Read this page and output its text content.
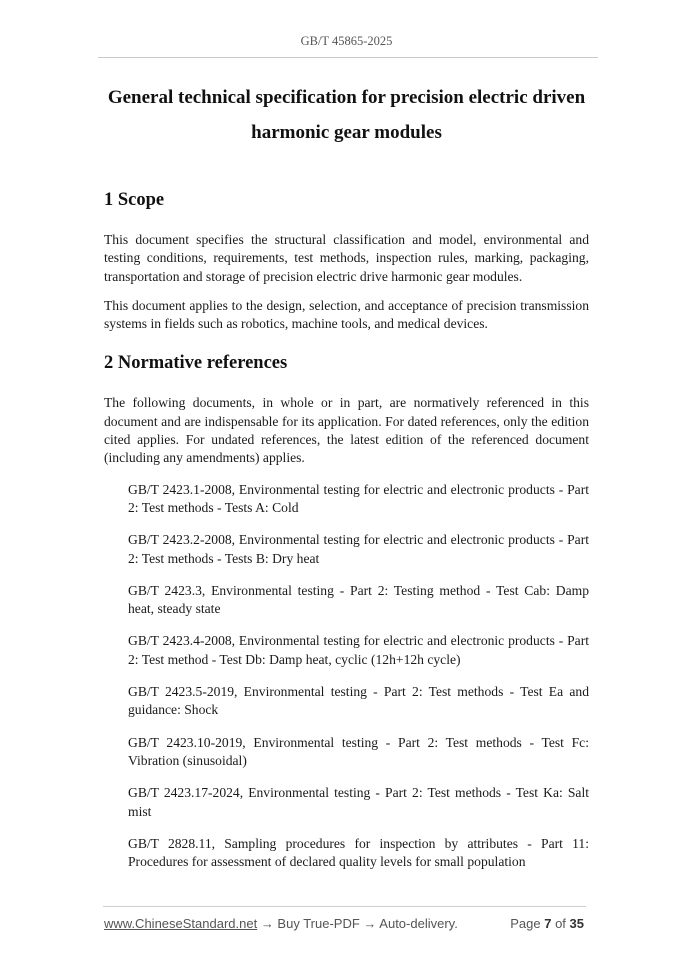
GB/T 45865-2025
General technical specification for precision electric driven
harmonic gear modules
1 Scope

This document specifies the structural classification and model, environmental and testing conditions, requirements, test methods, inspection rules, marking, packaging, transportation and storage of precision electric drive harmonic gear modules.

This document applies to the design, selection, and acceptance of precision transmission systems in fields such as robotics, machine tools, and medical devices.

2 Normative references

The following documents, in whole or in part, are normatively referenced in this document and are indispensable for its application. For dated references, only the edition cited applies. For undated references, the latest edition of the referenced document (including any amendments) applies.

GB/T 2423.1-2008, Environmental testing for electric and electronic products - Part 2: Test methods - Tests A: Cold

GB/T 2423.2-2008, Environmental testing for electric and electronic products - Part 2: Test methods - Tests B: Dry heat

GB/T 2423.3, Environmental testing - Part 2: Testing method - Test Cab: Damp heat, steady state

GB/T 2423.4-2008, Environmental testing for electric and electronic products - Part 2: Test method - Test Db: Damp heat, cyclic (12h+12h cycle)

GB/T 2423.5-2019, Environmental testing - Part 2: Test methods - Test Ea and guidance: Shock

GB/T 2423.10-2019, Environmental testing - Part 2: Test methods - Test Fc: Vibration (sinusoidal)

GB/T 2423.17-2024, Environmental testing - Part 2: Test methods - Test Ka: Salt mist

GB/T 2828.11, Sampling procedures for inspection by attributes - Part 11: Procedures for assessment of declared quality levels for small population

www.ChineseStandard.net → Buy True-PDF → Auto-delivery.	Page 7 of 35
